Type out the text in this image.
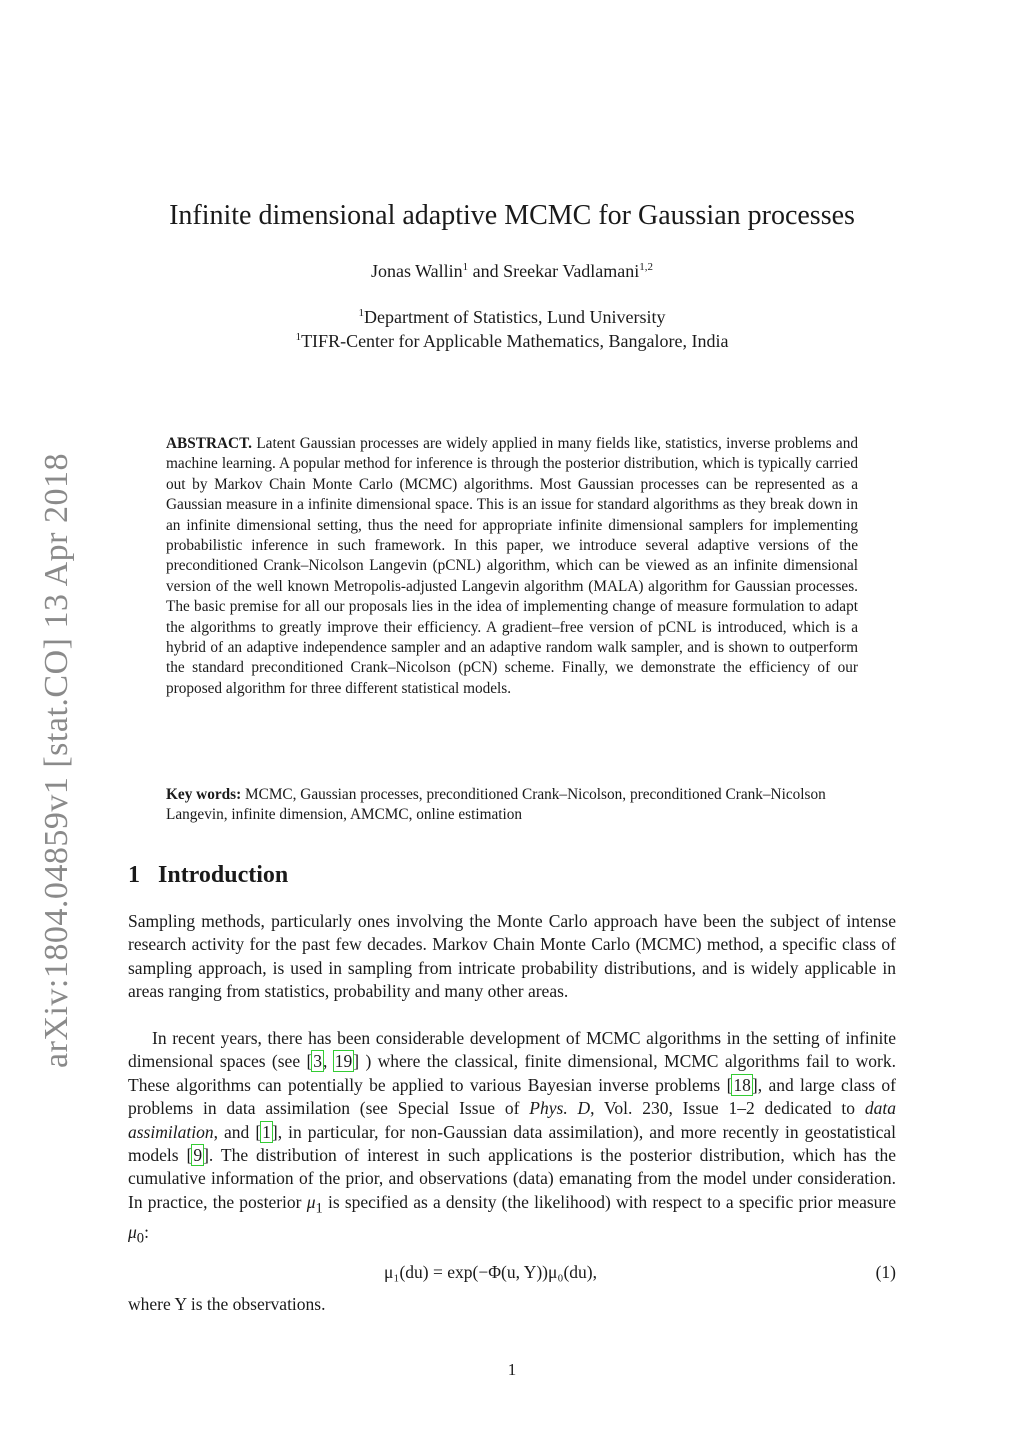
arXiv:1804.04859v1 [stat.CO] 13 Apr 2018
Infinite dimensional adaptive MCMC for Gaussian processes
Jonas Wallin$^1$ and Sreekar Vadlamani$^{1,2}$
$^1$Department of Statistics, Lund University
$^1$TIFR-Center for Applicable Mathematics, Bangalore, India
ABSTRACT. Latent Gaussian processes are widely applied in many fields like, statistics, inverse problems and machine learning. A popular method for inference is through the posterior distribution, which is typically carried out by Markov Chain Monte Carlo (MCMC) algorithms. Most Gaussian processes can be represented as a Gaussian measure in a infinite dimensional space. This is an issue for standard algorithms as they break down in an infinite dimensional setting, thus the need for appropriate infinite dimensional samplers for implementing probabilistic inference in such framework. In this paper, we introduce several adaptive versions of the preconditioned Crank–Nicolson Langevin (pCNL) algorithm, which can be viewed as an infinite dimensional version of the well known Metropolis-adjusted Langevin algorithm (MALA) algorithm for Gaussian processes. The basic premise for all our proposals lies in the idea of implementing change of measure formulation to adapt the algorithms to greatly improve their efficiency. A gradient–free version of pCNL is introduced, which is a hybrid of an adaptive independence sampler and an adaptive random walk sampler, and is shown to outperform the standard preconditioned Crank–Nicolson (pCN) scheme. Finally, we demonstrate the efficiency of our proposed algorithm for three different statistical models.
Key words: MCMC, Gaussian processes, preconditioned Crank–Nicolson, preconditioned Crank–Nicolson Langevin, infinite dimension, AMCMC, online estimation
1 Introduction
Sampling methods, particularly ones involving the Monte Carlo approach have been the subject of intense research activity for the past few decades. Markov Chain Monte Carlo (MCMC) method, a specific class of sampling approach, is used in sampling from intricate probability distributions, and is widely applicable in areas ranging from statistics, probability and many other areas.
In recent years, there has been considerable development of MCMC algorithms in the setting of infinite dimensional spaces (see [3, 19] ) where the classical, finite dimensional, MCMC algorithms fail to work. These algorithms can potentially be applied to various Bayesian inverse problems [18], and large class of problems in data assimilation (see Special Issue of Phys. D, Vol. 230, Issue 1–2 dedicated to data assimilation, and [1], in particular, for non-Gaussian data assimilation), and more recently in geostatistical models [9]. The distribution of interest in such applications is the posterior distribution, which has the cumulative information of the prior, and observations (data) emanating from the model under consideration. In practice, the posterior $\mu_1$ is specified as a density (the likelihood) with respect to a specific prior measure $\mu_0$:
μ₁(du) = exp(−Φ(u, Y))μ₀(du),	(1)
where Y is the observations.
1
